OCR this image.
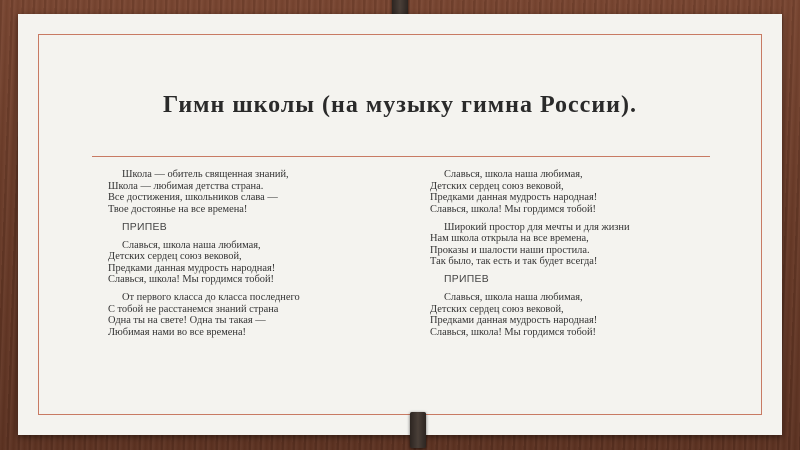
Гимн школы (на музыку гимна России).

Школа — обитель священная знаний,
Школа — любимая детства страна.
Все достижения, школьников слава —
Твое достоянье на все времена!

ПРИПЕВ

Славься, школа наша любимая,
Детских сердец союз вековой,
Предками данная мудрость народная!
Славься, школа! Мы гордимся тобой!

От первого класса до класса последнего
С тобой не расстанемся знаний страна
Одна ты на свете! Одна ты такая —
Любимая нами во все времена!

Славься, школа наша любимая,
Детских сердец союз вековой,
Предками данная мудрость народная!
Славься, школа! Мы гордимся тобой!

Широкий простор для мечты и для жизни
Нам школа открыла на все времена,
Проказы и шалости наши простила.
Так было, так есть и так будет всегда!

ПРИПЕВ

Славься, школа наша любимая,
Детских сердец союз вековой,
Предками данная мудрость народная!
Славься, школа! Мы гордимся тобой!
